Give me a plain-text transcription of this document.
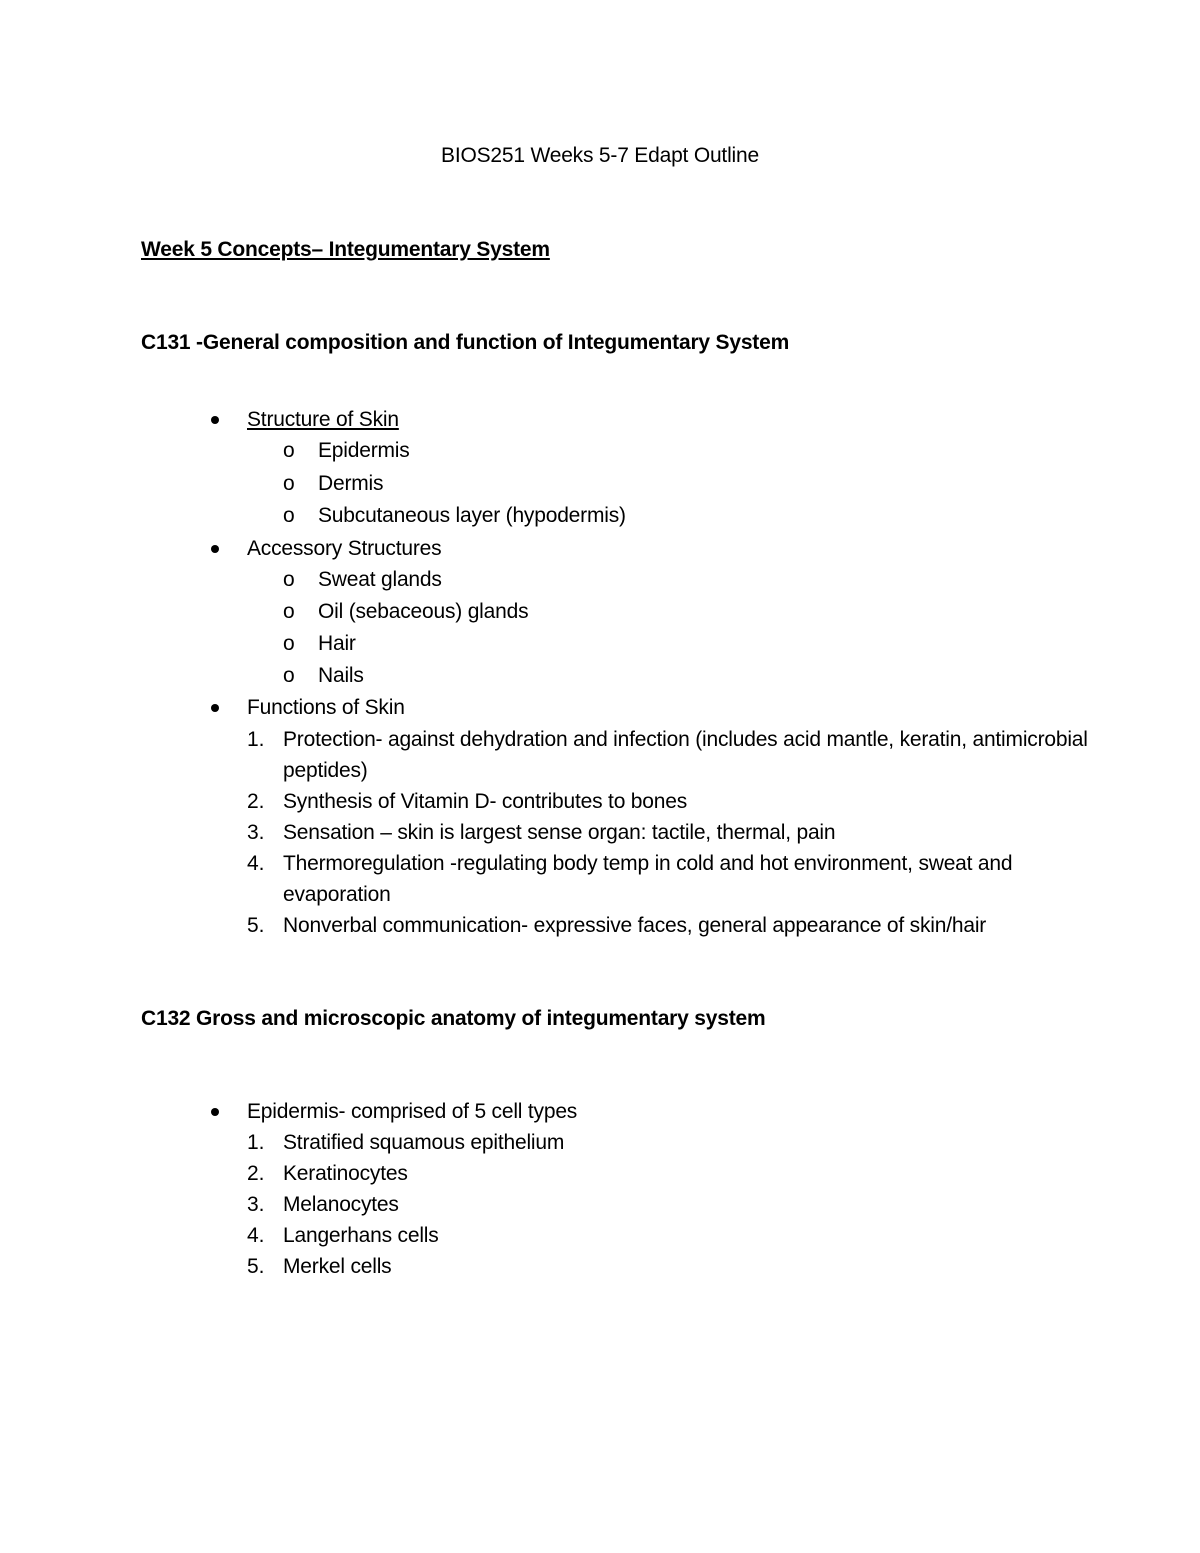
BIOS251 Weeks 5-7 Edapt Outline
Week 5 Concepts– Integumentary System
C131 -General composition and function of Integumentary System
Structure of Skin
o Epidermis
o Dermis
o Subcutaneous layer (hypodermis)
Accessory Structures
o Sweat glands
o Oil (sebaceous) glands
o Hair
o Nails
Functions of Skin
1. Protection- against dehydration and infection (includes acid mantle, keratin, antimicrobial peptides)
2. Synthesis of Vitamin D- contributes to bones
3. Sensation – skin is largest sense organ: tactile, thermal, pain
4. Thermoregulation -regulating body temp in cold and hot environment, sweat and evaporation
5. Nonverbal communication- expressive faces, general appearance of skin/hair
C132 Gross and microscopic anatomy of integumentary system
Epidermis- comprised of 5 cell types
1. Stratified squamous epithelium
2. Keratinocytes
3. Melanocytes
4. Langerhans cells
5. Merkel cells
